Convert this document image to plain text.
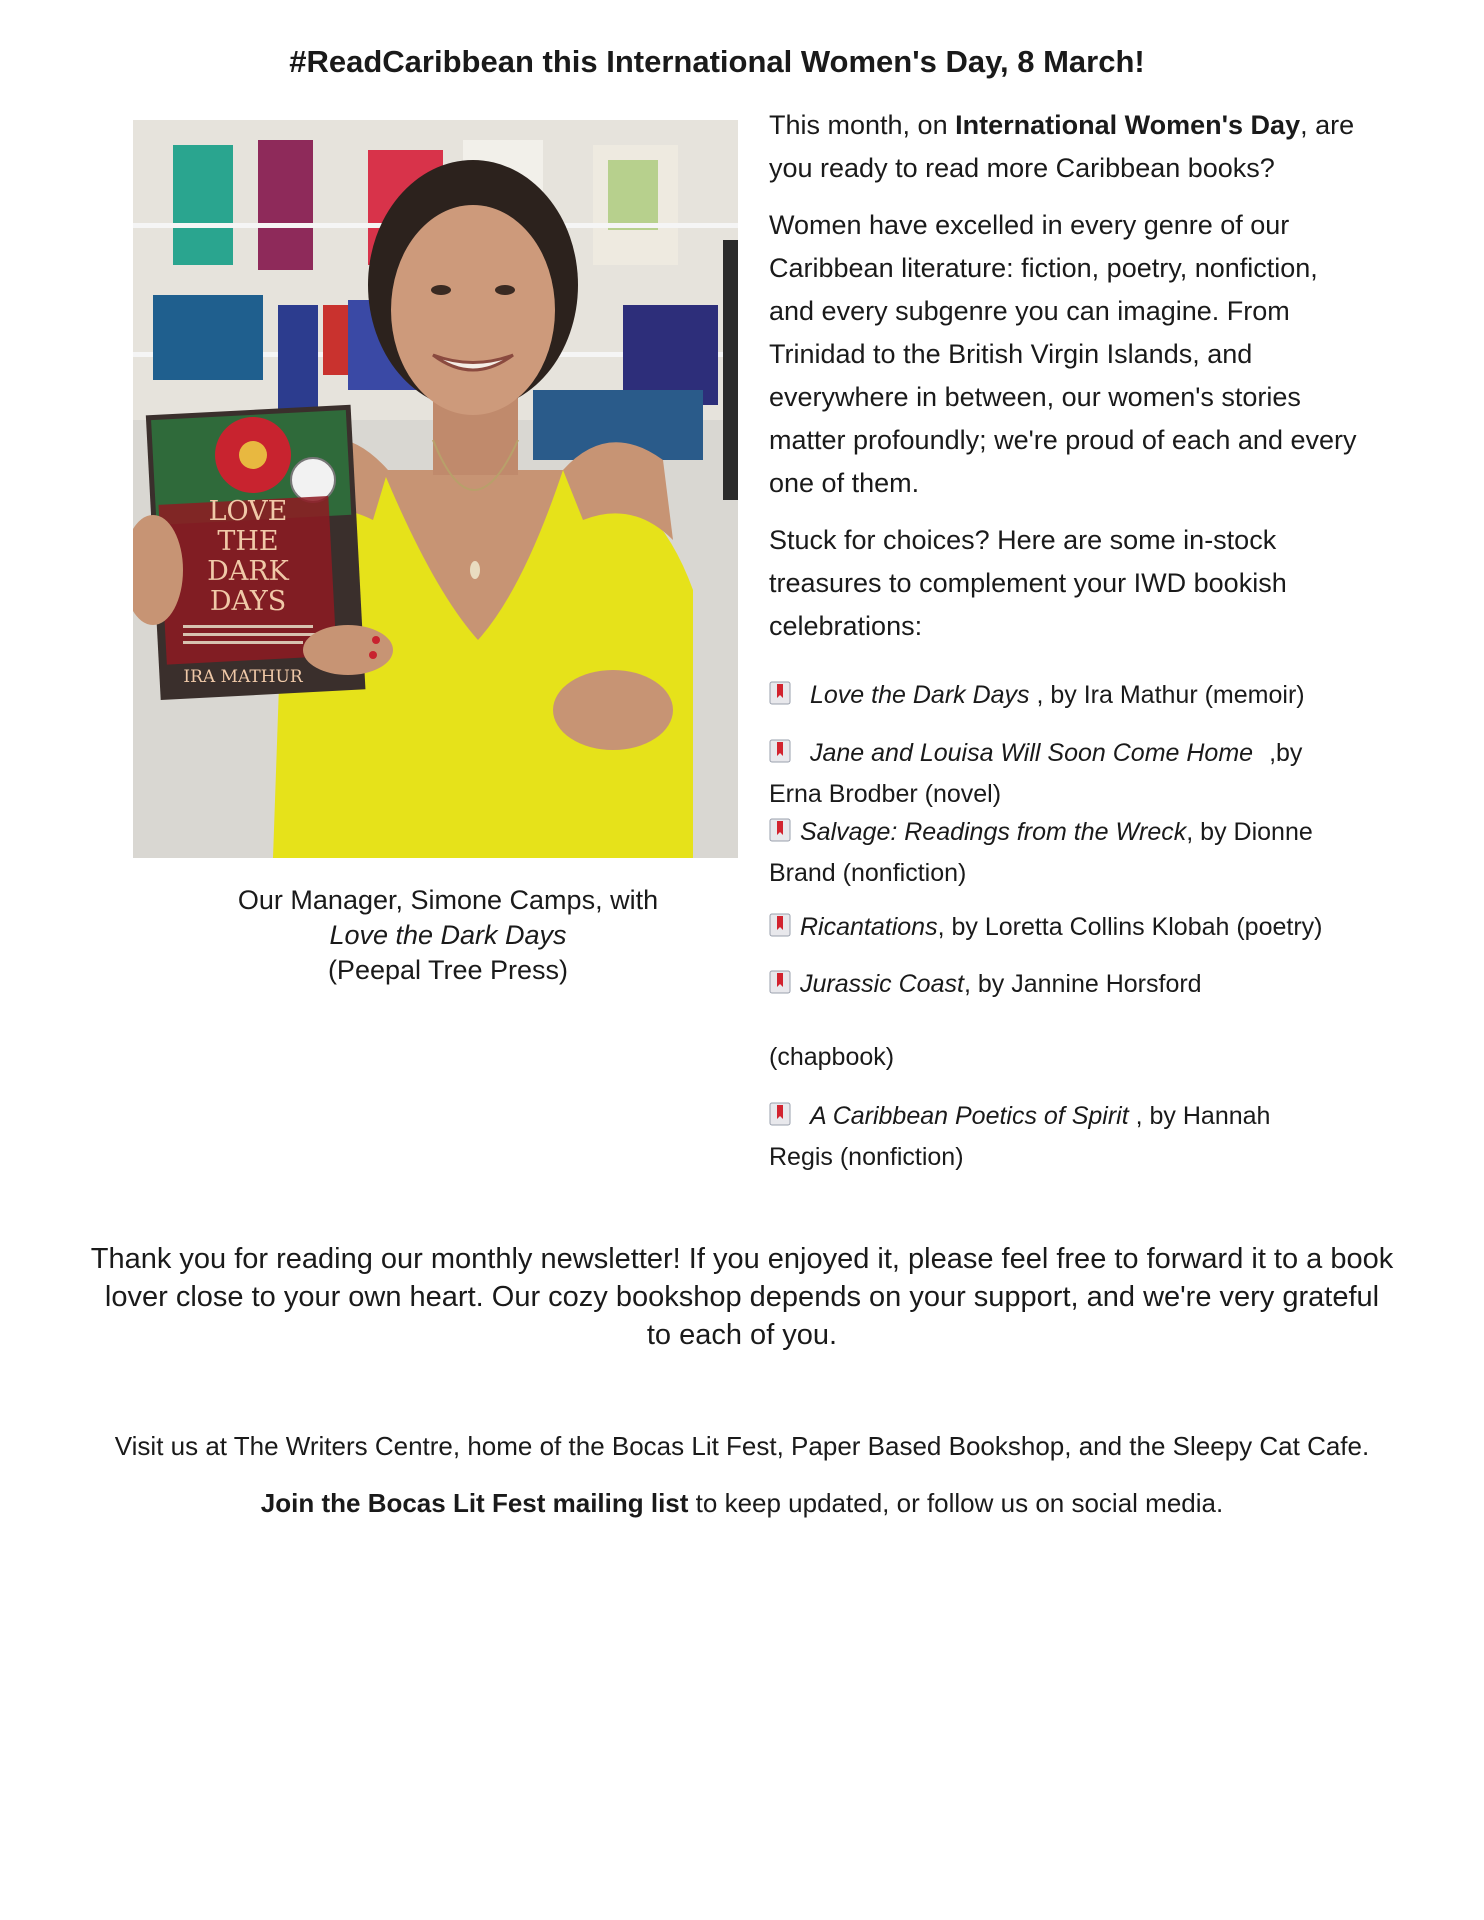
#ReadCaribbean this International Women's Day, 8 March!
LOVE
THE
DARK
DAYS
IRA MATHUR
Our Manager, Simone Camps, with
Love the Dark Days
(Peepal Tree Press)

This month, on International Women's Day, are you ready to read more Caribbean books?

Women have excelled in every genre of our Caribbean literature: fiction, poetry, nonfiction, and every subgenre you can imagine. From Trinidad to the British Virgin Islands, and everywhere in between, our women's stories matter profoundly; we're proud of each and every one of them.

Stuck for choices? Here are some in-stock treasures to complement your IWD bookish celebrations:

Love the Dark Days , by Ira Mathur (memoir)
Jane and Louisa Will Soon Come Home ,by
Erna Brodber (novel)
Salvage: Readings from the Wreck, by Dionne
Brand (nonfiction)
Ricantations, by Loretta Collins Klobah (poetry)
Jurassic Coast, by Jannine Horsford
(chapbook)
A Caribbean Poetics of Spirit , by Hannah
Regis (nonfiction)
Thank you for reading our monthly newsletter! If you enjoyed it, please feel free to forward it to a book lover close to your own heart. Our cozy bookshop depends on your support, and we're very grateful to each of you.
Visit us at The Writers Centre, home of the Bocas Lit Fest, Paper Based Bookshop, and the Sleepy Cat Cafe.
Join the Bocas Lit Fest mailing list to keep updated, or follow us on social media.
